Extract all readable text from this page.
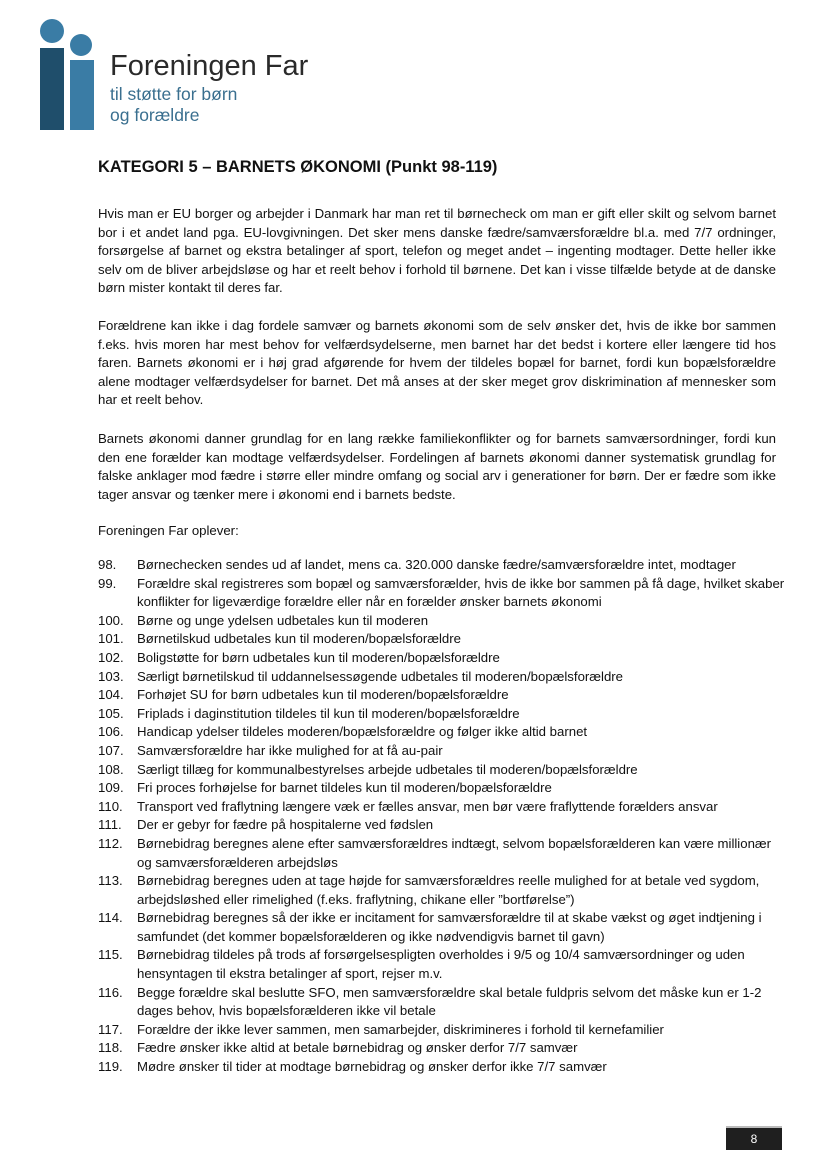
Foreningen Far
til støtte for børn
og forældre
KATEGORI 5 – BARNETS ØKONOMI (Punkt 98-119)

Hvis man er EU borger og arbejder i Danmark har man ret til børnecheck om man er gift eller skilt og selvom barnet bor i et andet land pga. EU-lovgivningen. Det sker mens danske fædre/samværsforældre bl.a. med 7/7 ordninger, forsørgelse af barnet og ekstra betalinger af sport, telefon og meget andet – ingenting modtager. Dette heller ikke selv om de bliver arbejdsløse og har et reelt behov i forhold til børnene. Det kan i visse tilfælde betyde at de danske børn mister kontakt til deres far.

Forældrene kan ikke i dag fordele samvær og barnets økonomi som de selv ønsker det, hvis de ikke bor sammen f.eks. hvis moren har mest behov for velfærdsydelserne, men barnet har det bedst i kortere eller længere tid hos faren. Barnets økonomi er i høj grad afgørende for hvem der tildeles bopæl for barnet, fordi kun bopælsforældre alene modtager velfærdsydelser for barnet. Det må anses at der sker meget grov diskrimination af mennesker som har et reelt behov.

Barnets økonomi danner grundlag for en lang række familiekonflikter og for barnets samværsordninger, fordi kun den ene forælder kan modtage velfærdsydelser. Fordelingen af barnets økonomi danner systematisk grundlag for falske anklager mod fædre i større eller mindre omfang og social arv i generationer for børn. Der er fædre som ikke tager ansvar og tænker mere i økonomi end i barnets bedste.

Foreningen Far oplever:

98. Børnechecken sendes ud af landet, mens ca. 320.000 danske fædre/samværsforældre intet, modtager
99. Forældre skal registreres som bopæl og samværsforælder, hvis de ikke bor sammen på få dage, hvilket skaber konflikter for ligeværdige forældre eller når en forælder ønsker barnets økonomi
100. Børne og unge ydelsen udbetales kun til moderen
101. Børnetilskud udbetales kun til moderen/bopælsforældre
102. Boligstøtte for børn udbetales kun til moderen/bopælsforældre
103. Særligt børnetilskud til uddannelsessøgende udbetales til moderen/bopælsforældre
104. Forhøjet SU for børn udbetales kun til moderen/bopælsforældre
105. Friplads i daginstitution tildeles til kun til moderen/bopælsforældre
106. Handicap ydelser tildeles moderen/bopælsforældre og følger ikke altid barnet
107. Samværsforældre har ikke mulighed for at få au-pair
108. Særligt tillæg for kommunalbestyrelses arbejde udbetales til moderen/bopælsforældre
109. Fri proces forhøjelse for barnet tildeles kun til moderen/bopælsforældre
110. Transport ved fraflytning længere væk er fælles ansvar, men bør være fraflyttende forælders ansvar
111. Der er gebyr for fædre på hospitalerne ved fødslen
112. Børnebidrag beregnes alene efter samværsforældres indtægt, selvom bopælsforælderen kan være millionær og samværsforælderen arbejdsløs
113. Børnebidrag beregnes uden at tage højde for samværsforældres reelle mulighed for at betale ved sygdom, arbejdsløshed eller rimelighed (f.eks. fraflytning, chikane eller ”bortførelse”)
114. Børnebidrag beregnes så der ikke er incitament for samværsforældre til at skabe vækst og øget indtjening i samfundet (det kommer bopælsforælderen og ikke nødvendigvis barnet til gavn)
115. Børnebidrag tildeles på trods af forsørgelsespligten overholdes i 9/5 og 10/4 samværsordninger og uden hensyntagen til ekstra betalinger af sport, rejser m.v.
116. Begge forældre skal beslutte SFO, men samværsforældre skal betale fuldpris selvom det måske kun er 1-2 dages behov, hvis bopælsforælderen ikke vil betale
117. Forældre der ikke lever sammen, men samarbejder, diskrimineres i forhold til kernefamilier
118. Fædre ønsker ikke altid at betale børnebidrag og ønsker derfor 7/7 samvær
119. Mødre ønsker til tider at modtage børnebidrag og ønsker derfor ikke 7/7 samvær
8
